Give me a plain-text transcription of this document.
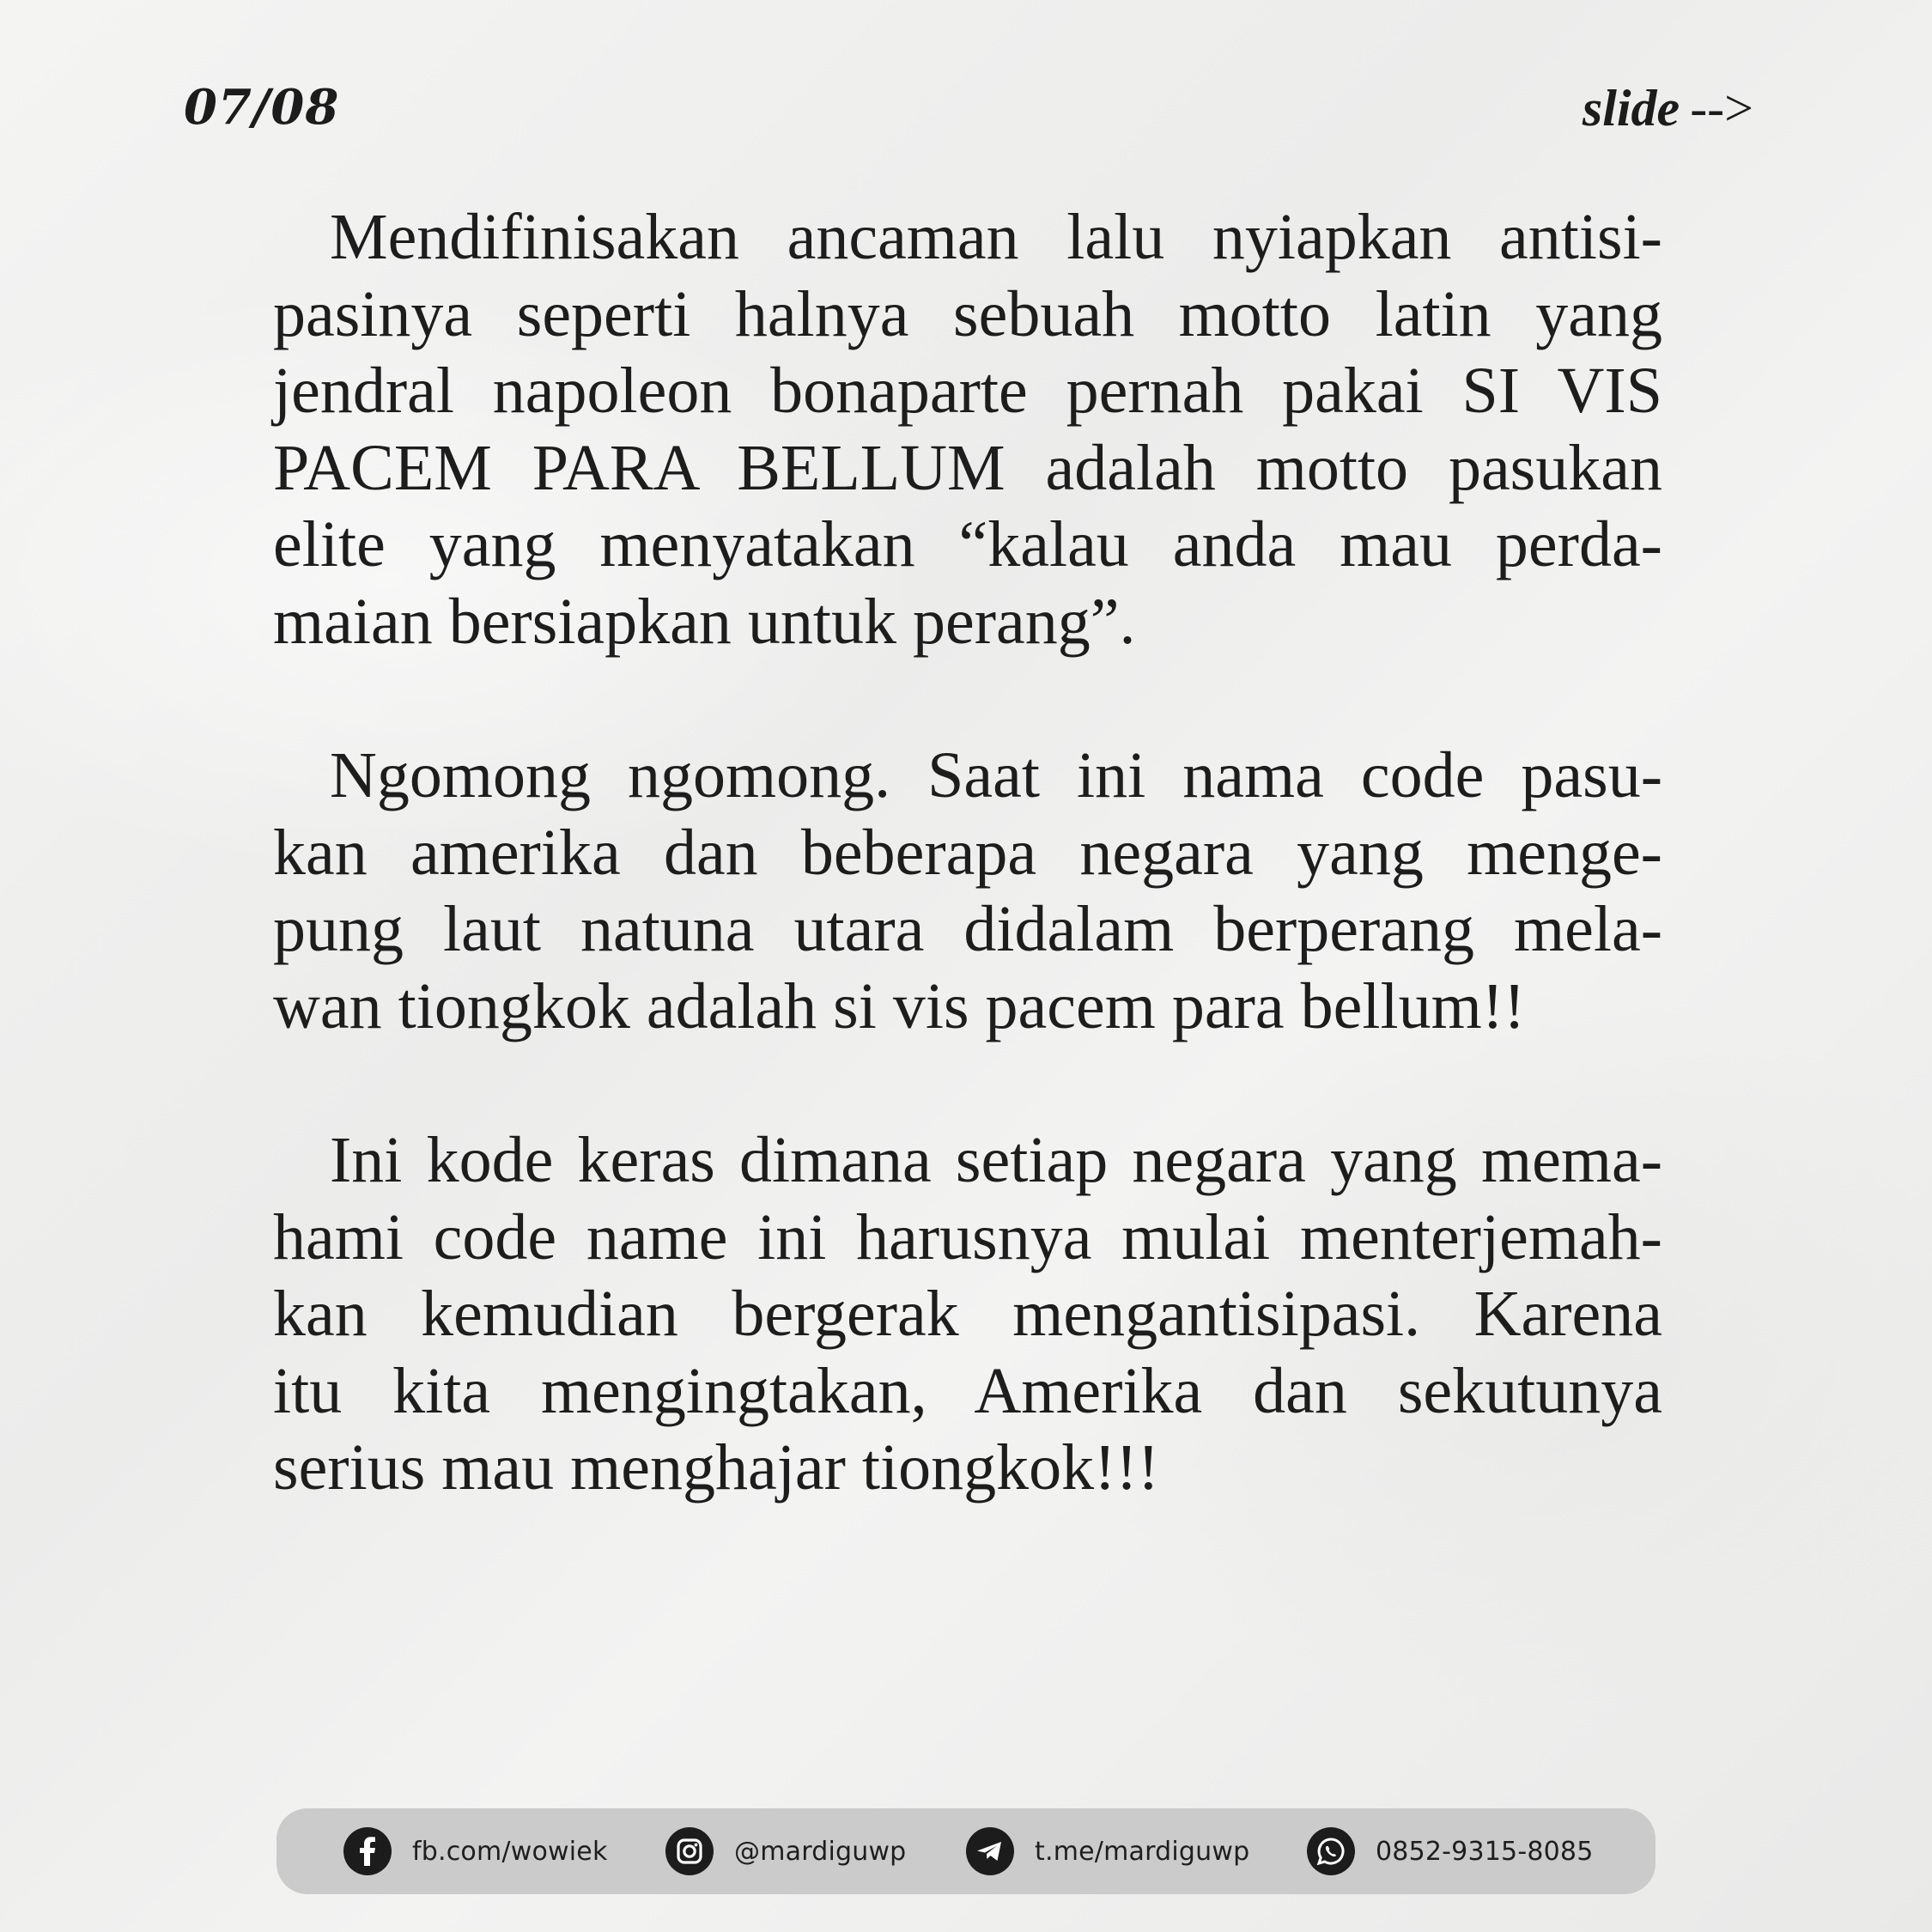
07/08	slide -->
Mendifinisakan ancaman lalu nyiapkan antisi-
pasinya seperti halnya sebuah motto latin yang
jendral napoleon bonaparte pernah pakai SI VIS
PACEM PARA BELLUM adalah motto pasukan
elite yang menyatakan “kalau anda mau perda-
maian bersiapkan untuk perang”.
Ngomong ngomong. Saat ini nama code pasu-
kan amerika dan beberapa negara yang menge-
pung laut natuna utara didalam berperang mela-
wan tiongkok adalah si vis pacem para bellum!!
Ini kode keras dimana setiap negara yang mema-
hami code name ini harusnya mulai menterjemah-
kan kemudian bergerak mengantisipasi. Karena
itu kita mengingtakan, Amerika dan sekutunya
serius mau menghajar tiongkok!!!
fb.com/wowiek	@mardiguwp	t.me/mardiguwp	0852-9315-8085
